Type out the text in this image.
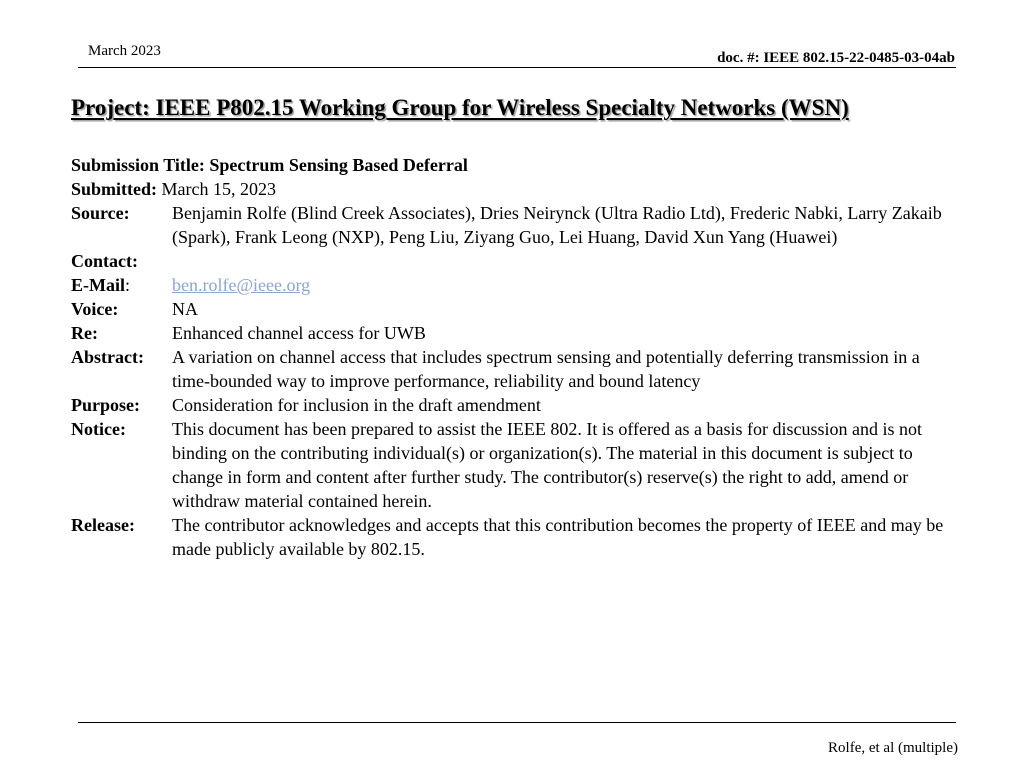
March 2023	doc. #: IEEE 802.15-22-0485-03-04ab
Project: IEEE P802.15 Working Group for Wireless Specialty Networks (WSN)
Submission Title: Spectrum Sensing Based Deferral
Submitted: March 15, 2023
Source:	Benjamin Rolfe (Blind Creek Associates), Dries Neirynck (Ultra Radio Ltd), Frederic Nabki, Larry Zakaib (Spark), Frank Leong (NXP), Peng Liu, Ziyang Guo, Lei Huang, David Xun Yang (Huawei)
Contact:
E-Mail:	ben.rolfe@ieee.org
Voice:	NA
Re:	Enhanced channel access for UWB
Abstract:	A variation on channel access that includes spectrum sensing and potentially deferring transmission in a time-bounded way to improve performance, reliability and bound latency
Purpose:	Consideration for inclusion in the draft amendment
Notice:	This document has been prepared to assist the IEEE 802. It is offered as a basis for discussion and is not binding on the contributing individual(s) or organization(s). The material in this document is subject to change in form and content after further study. The contributor(s) reserve(s) the right to add, amend or withdraw material contained herein.
Release:	The contributor acknowledges and accepts that this contribution becomes the property of IEEE and may be made publicly available by 802.15.
Rolfe, et al (multiple)
